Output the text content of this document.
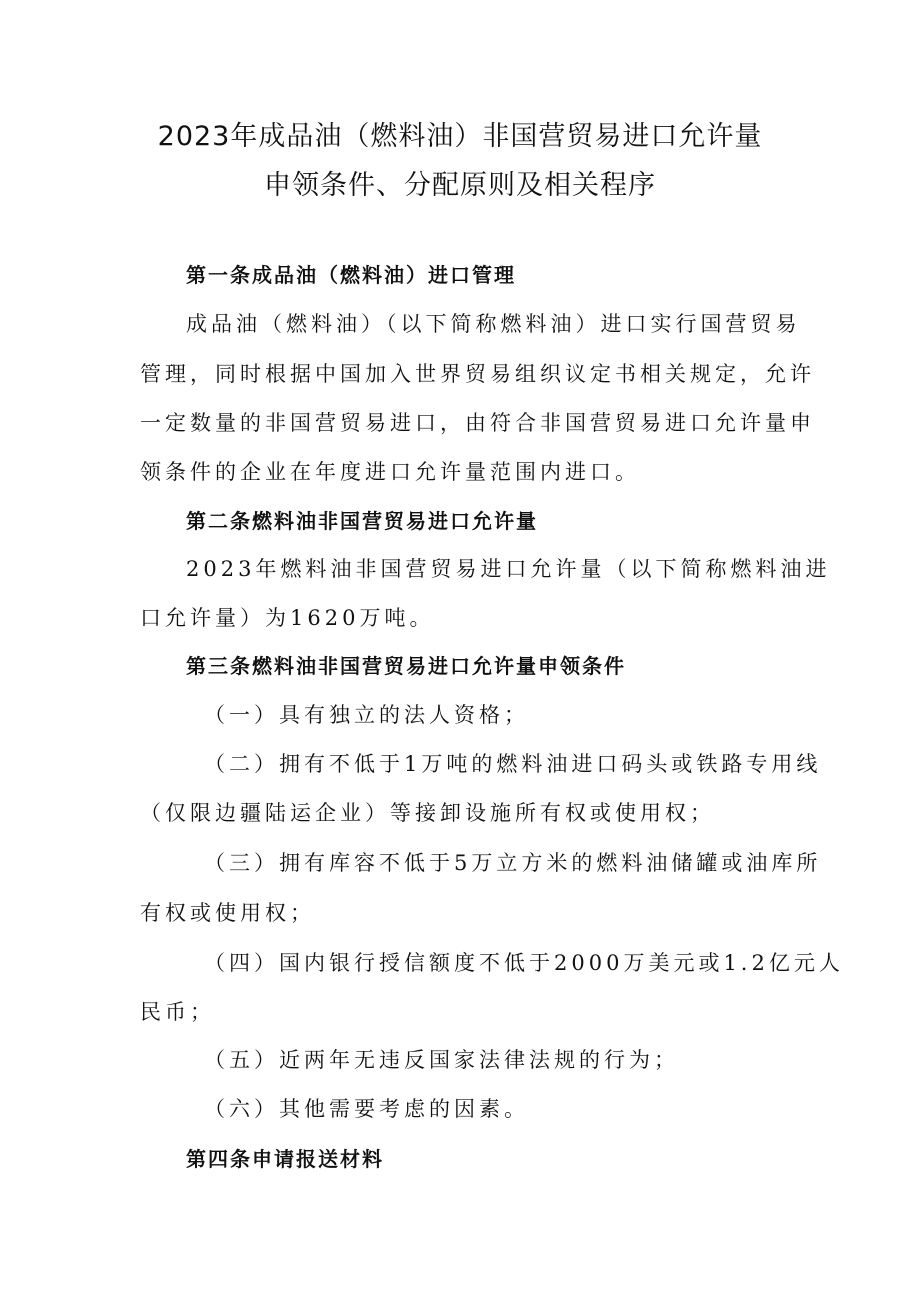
2023年成品油（燃料油）非国营贸易进口允许量
申领条件、分配原则及相关程序
第一条成品油（燃料油）进口管理
成品油（燃料油）（以下简称燃料油）进口实行国营贸易
管理，同时根据中国加入世界贸易组织议定书相关规定，允许
一定数量的非国营贸易进口，由符合非国营贸易进口允许量申
领条件的企业在年度进口允许量范围内进口。
第二条燃料油非国营贸易进口允许量
2023年燃料油非国营贸易进口允许量（以下简称燃料油进
口允许量）为1620万吨。
第三条燃料油非国营贸易进口允许量申领条件
（一）具有独立的法人资格；
（二）拥有不低于1万吨的燃料油进口码头或铁路专用线
（仅限边疆陆运企业）等接卸设施所有权或使用权；
（三）拥有库容不低于5万立方米的燃料油储罐或油库所
有权或使用权；
（四）国内银行授信额度不低于2000万美元或1.2亿元人
民币；
（五）近两年无违反国家法律法规的行为；
（六）其他需要考虑的因素。
第四条申请报送材料
